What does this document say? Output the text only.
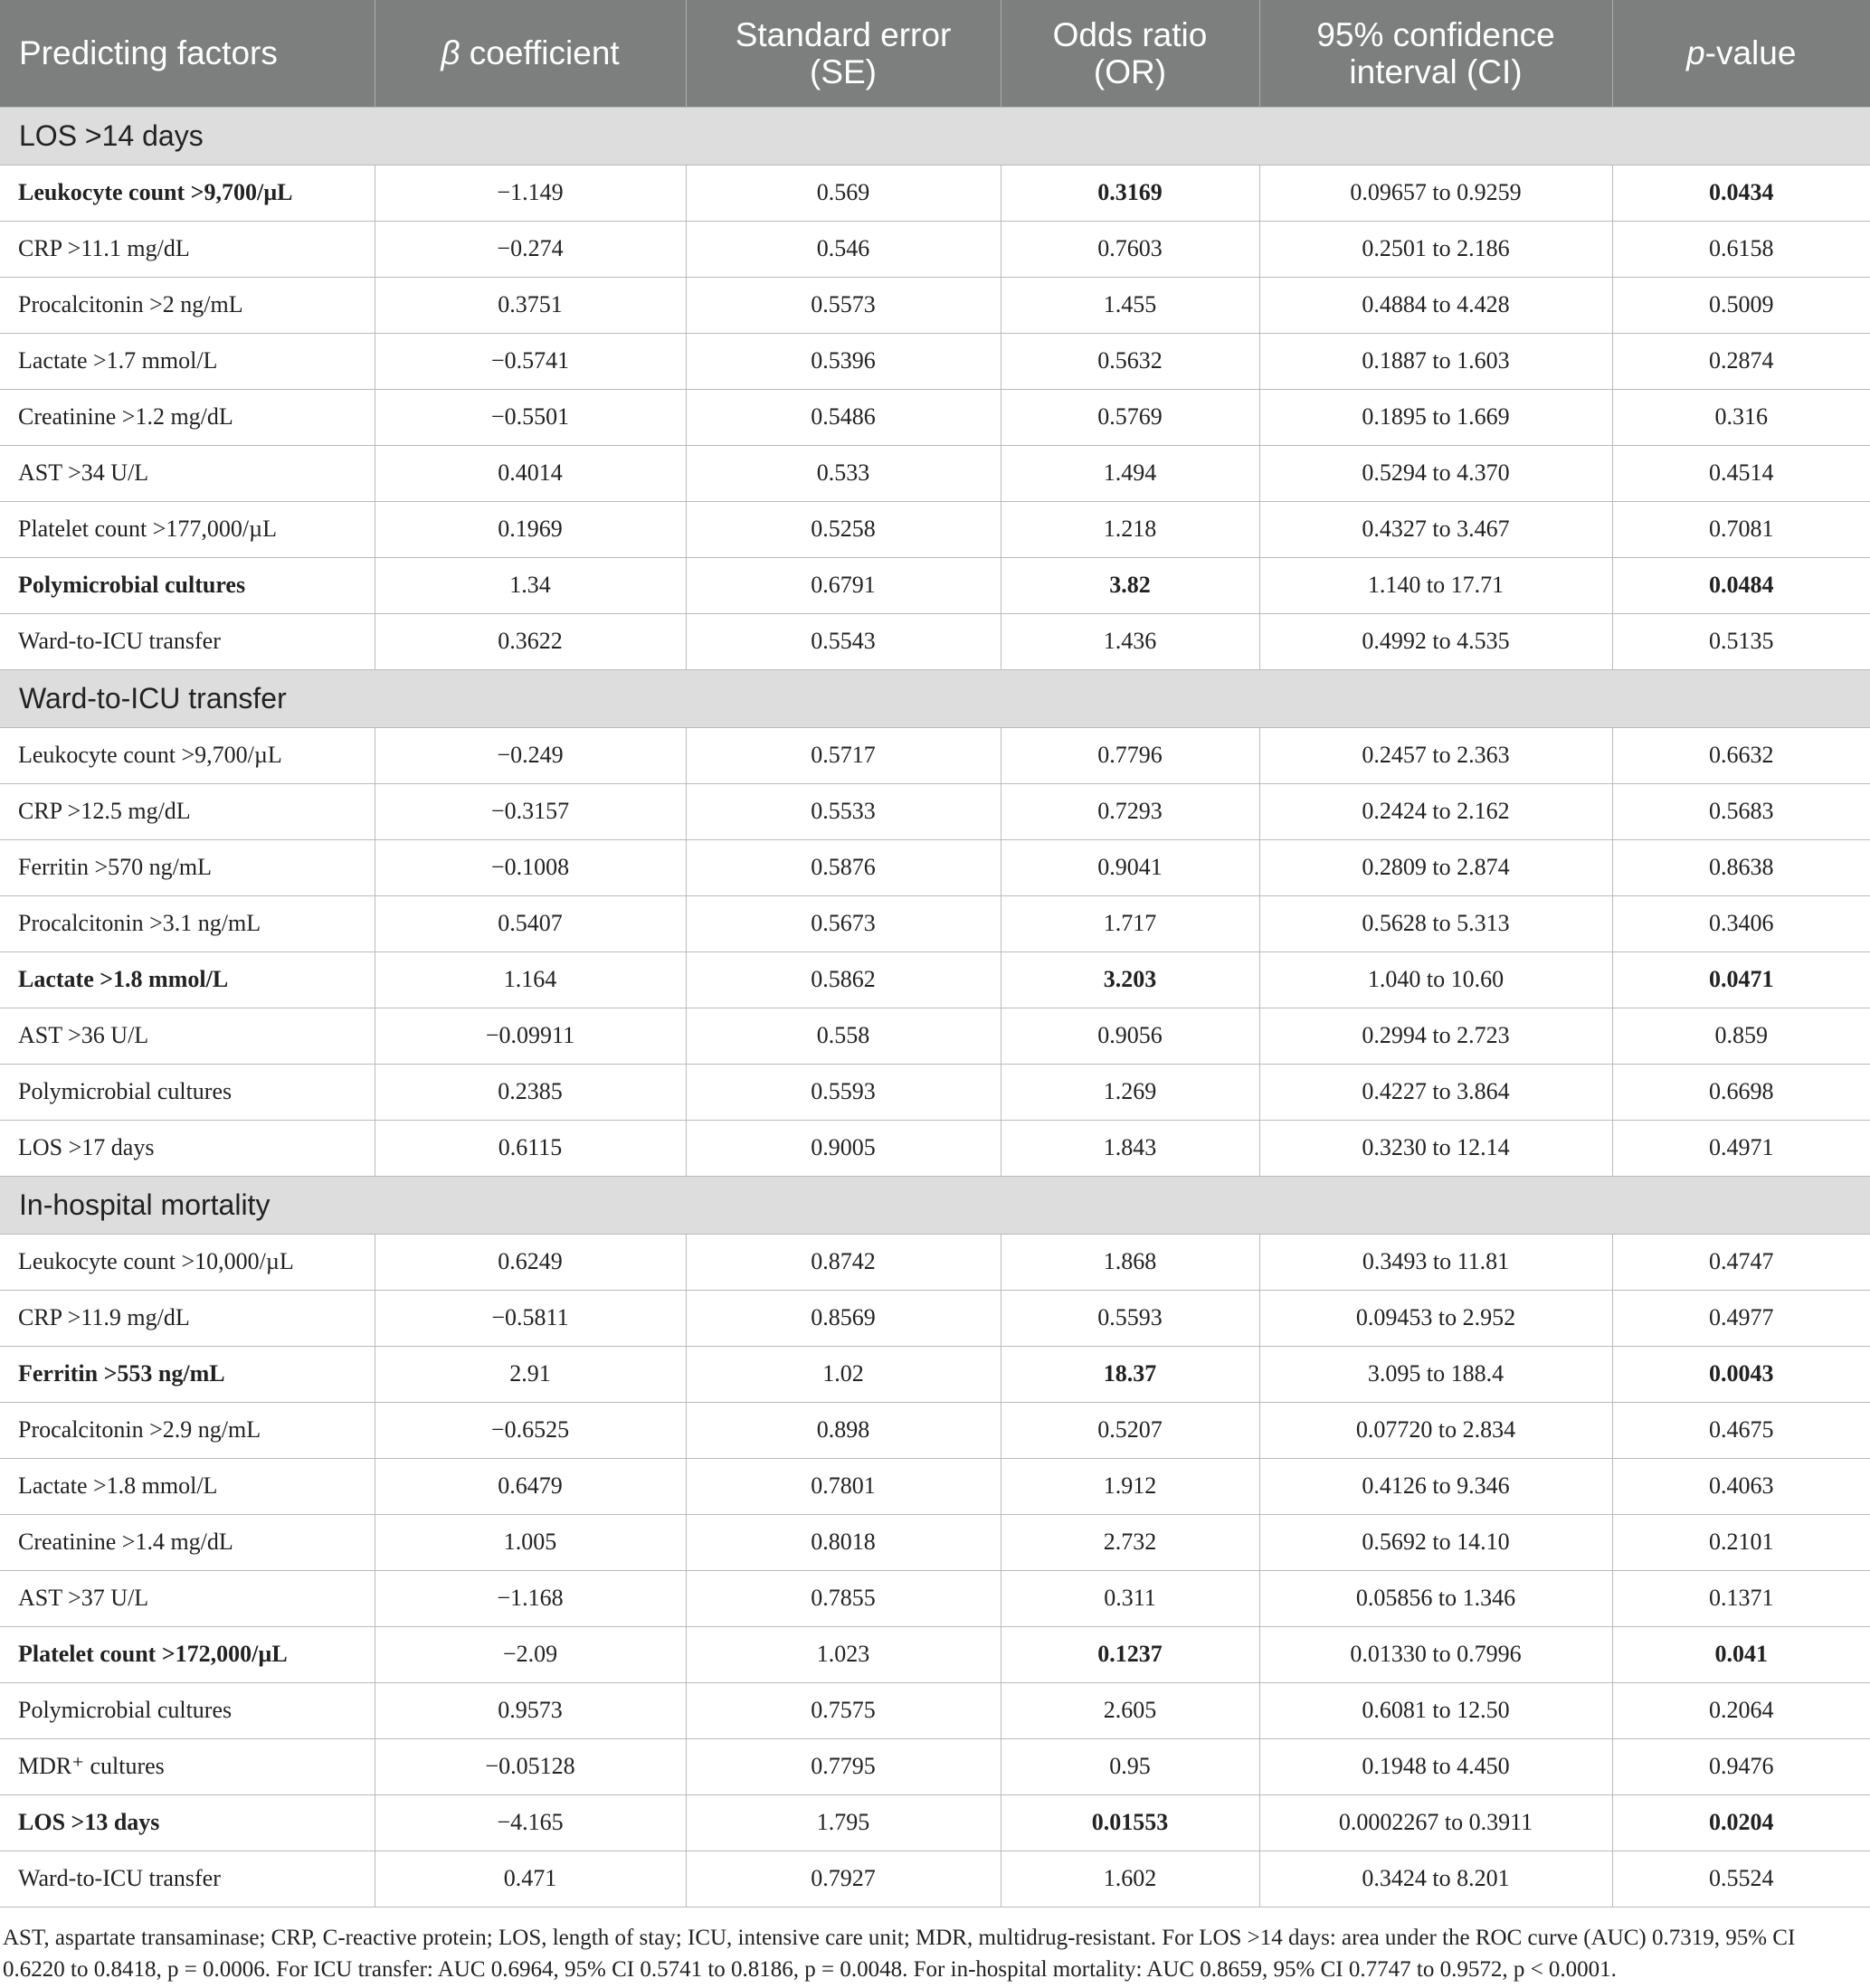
Predicting factors	β coefficient	Standard error (SE)	Odds ratio (OR)	95% confidence interval (CI)	p-value
LOS >14 days					
Leukocyte count >9,700/µL	−1.149	0.569	0.3169	0.09657 to 0.9259	0.0434
CRP >11.1 mg/dL	−0.274	0.546	0.7603	0.2501 to 2.186	0.6158
Procalcitonin >2 ng/mL	0.3751	0.5573	1.455	0.4884 to 4.428	0.5009
Lactate >1.7 mmol/L	−0.5741	0.5396	0.5632	0.1887 to 1.603	0.2874
Creatinine >1.2 mg/dL	−0.5501	0.5486	0.5769	0.1895 to 1.669	0.316
AST >34 U/L	0.4014	0.533	1.494	0.5294 to 4.370	0.4514
Platelet count >177,000/µL	0.1969	0.5258	1.218	0.4327 to 3.467	0.7081
Polymicrobial cultures	1.34	0.6791	3.82	1.140 to 17.71	0.0484
Ward-to-ICU transfer	0.3622	0.5543	1.436	0.4992 to 4.535	0.5135
Ward-to-ICU transfer					
Leukocyte count >9,700/µL	−0.249	0.5717	0.7796	0.2457 to 2.363	0.6632
CRP >12.5 mg/dL	−0.3157	0.5533	0.7293	0.2424 to 2.162	0.5683
Ferritin >570 ng/mL	−0.1008	0.5876	0.9041	0.2809 to 2.874	0.8638
Procalcitonin >3.1 ng/mL	0.5407	0.5673	1.717	0.5628 to 5.313	0.3406
Lactate >1.8 mmol/L	1.164	0.5862	3.203	1.040 to 10.60	0.0471
AST >36 U/L	−0.09911	0.558	0.9056	0.2994 to 2.723	0.859
Polymicrobial cultures	0.2385	0.5593	1.269	0.4227 to 3.864	0.6698
LOS >17 days	0.6115	0.9005	1.843	0.3230 to 12.14	0.4971
In-hospital mortality					
Leukocyte count >10,000/µL	0.6249	0.8742	1.868	0.3493 to 11.81	0.4747
CRP >11.9 mg/dL	−0.5811	0.8569	0.5593	0.09453 to 2.952	0.4977
Ferritin >553 ng/mL	2.91	1.02	18.37	3.095 to 188.4	0.0043
Procalcitonin >2.9 ng/mL	−0.6525	0.898	0.5207	0.07720 to 2.834	0.4675
Lactate >1.8 mmol/L	0.6479	0.7801	1.912	0.4126 to 9.346	0.4063
Creatinine >1.4 mg/dL	1.005	0.8018	2.732	0.5692 to 14.10	0.2101
AST >37 U/L	−1.168	0.7855	0.311	0.05856 to 1.346	0.1371
Platelet count >172,000/µL	−2.09	1.023	0.1237	0.01330 to 0.7996	0.041
Polymicrobial cultures	0.9573	0.7575	2.605	0.6081 to 12.50	0.2064
MDR⁺ cultures	−0.05128	0.7795	0.95	0.1948 to 4.450	0.9476
LOS >13 days	−4.165	1.795	0.01553	0.0002267 to 0.3911	0.0204
Ward-to-ICU transfer	0.471	0.7927	1.602	0.3424 to 8.201	0.5524
AST, aspartate transaminase; CRP, C-reactive protein; LOS, length of stay; ICU, intensive care unit; MDR, multidrug-resistant. For LOS >14 days: area under the ROC curve (AUC) 0.7319, 95% CI 0.6220 to 0.8418, p = 0.0006. For ICU transfer: AUC 0.6964, 95% CI 0.5741 to 0.8186, p = 0.0048. For in-hospital mortality: AUC 0.8659, 95% CI 0.7747 to 0.9572, p < 0.0001.
